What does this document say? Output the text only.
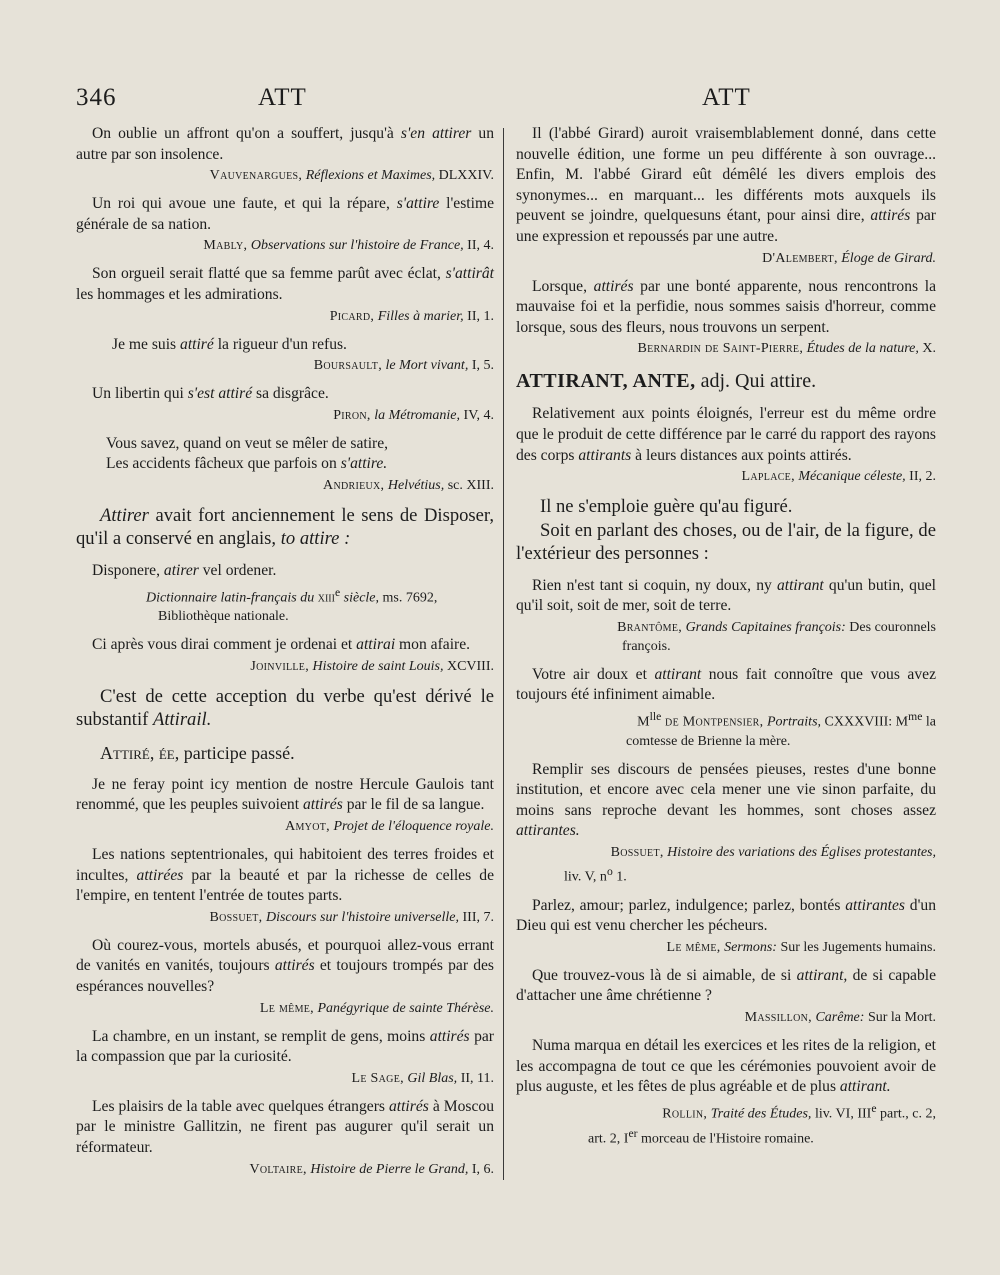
346	ATT	ATT
On oublie un affront qu'on a souffert, jusqu'à s'en attirer un autre par son insolence.
Vauvenargues, Réflexions et Maximes, DLXXIV.
Un roi qui avoue une faute, et qui la répare, s'attire l'estime générale de sa nation.
Mably, Observations sur l'histoire de France, II, 4.
Son orgueil serait flatté que sa femme parût avec éclat, s'attirât les hommages et les admirations.
Picard, Filles à marier, II, 1.
Je me suis attiré la rigueur d'un refus.
Boursault, le Mort vivant, I, 5.
Un libertin qui s'est attiré sa disgrâce.
Piron, la Métromanie, IV, 4.
Vous savez, quand on veut se mêler de satire,
Les accidents fâcheux que parfois on s'attire.
Andrieux, Helvétius, sc. XIII.
Attirer avait fort anciennement le sens de Disposer, qu'il a conservé en anglais, to attire :
Disponere, atirer vel ordener.
Dictionnaire latin-français du xiii$^e$ siècle, ms. 7692,
Bibliothèque nationale.
Ci après vous dirai comment je ordenai et attirai mon afaire.
Joinville, Histoire de saint Louis, XCVIII.
C'est de cette acception du verbe qu'est dérivé le substantif Attirail.
Attiré, ée, participe passé.
Je ne feray point icy mention de nostre Hercule Gaulois tant renommé, que les peuples suivoient attirés par le fil de sa langue.
Amyot, Projet de l'éloquence royale.
Les nations septentrionales, qui habitoient des terres froides et incultes, attirées par la beauté et par la richesse de celles de l'empire, en tentent l'entrée de toutes parts.
Bossuet, Discours sur l'histoire universelle, III, 7.
Où courez-vous, mortels abusés, et pourquoi allez-vous errant de vanités en vanités, toujours attirés et toujours trompés par des espérances nouvelles?
Le même, Panégyrique de sainte Thérèse.
La chambre, en un instant, se remplit de gens, moins attirés par la compassion que par la curiosité.
Le Sage, Gil Blas, II, 11.
Les plaisirs de la table avec quelques étrangers attirés à Moscou par le ministre Gallitzin, ne firent pas augurer qu'il serait un réformateur.
Voltaire, Histoire de Pierre le Grand, I, 6.
Il (l'abbé Girard) auroit vraisemblablement donné, dans cette nouvelle édition, une forme un peu différente à son ouvrage... Enfin, M. l'abbé Girard eût démêlé les divers emplois des synonymes... en marquant... les différents mots auxquels ils peuvent se joindre, quelquesuns étant, pour ainsi dire, attirés par une expression et repoussés par une autre.
D'Alembert, Éloge de Girard.
Lorsque, attirés par une bonté apparente, nous rencontrons la mauvaise foi et la perfidie, nous sommes saisis d'horreur, comme lorsque, sous des fleurs, nous trouvons un serpent.
Bernardin de Saint-Pierre, Études de la nature, X.
ATTIRANT, ANTE, adj. Qui attire.
Relativement aux points éloignés, l'erreur est du même ordre que le produit de cette différence par le carré du rapport des rayons des corps attirants à leurs distances aux points attirés.
Laplace, Mécanique céleste, II, 2.
Il ne s'emploie guère qu'au figuré.
Soit en parlant des choses, ou de l'air, de la figure, de l'extérieur des personnes :
Rien n'est tant si coquin, ny doux, ny attirant qu'un butin, quel qu'il soit, soit de mer, soit de terre.
Brantôme, Grands Capitaines françois: Des couronnels
françois.
Votre air doux et attirant nous fait connoître que vous avez toujours été infiniment aimable.
$M^{lle}$ de Montpensier, Portraits, CXXXVIII: $M^{me}$ la
comtesse de Brienne la mère.
Remplir ses discours de pensées pieuses, restes d'une bonne institution, et encore avec cela mener une vie sinon parfaite, du moins sans reproche devant les hommes, sont choses assez attirantes.
Bossuet, Histoire des variations des Églises protestantes,
liv. V, $n^o$ 1.
Parlez, amour; parlez, indulgence; parlez, bontés attirantes d'un Dieu qui est venu chercher les pécheurs.
Le même, Sermons: Sur les Jugements humains.
Que trouvez-vous là de si aimable, de si attirant, de si capable d'attacher une âme chrétienne ?
Massillon, Carême: Sur la Mort.
Numa marqua en détail les exercices et les rites de la religion, et les accompagna de tout ce que les cérémonies pouvoient avoir de plus auguste, et les fêtes de plus agréable et de plus attirant.
Rollin, Traité des Études, liv. VI, IIIe part., c. 2,
art. 2, Ier morceau de l'Histoire romaine.
